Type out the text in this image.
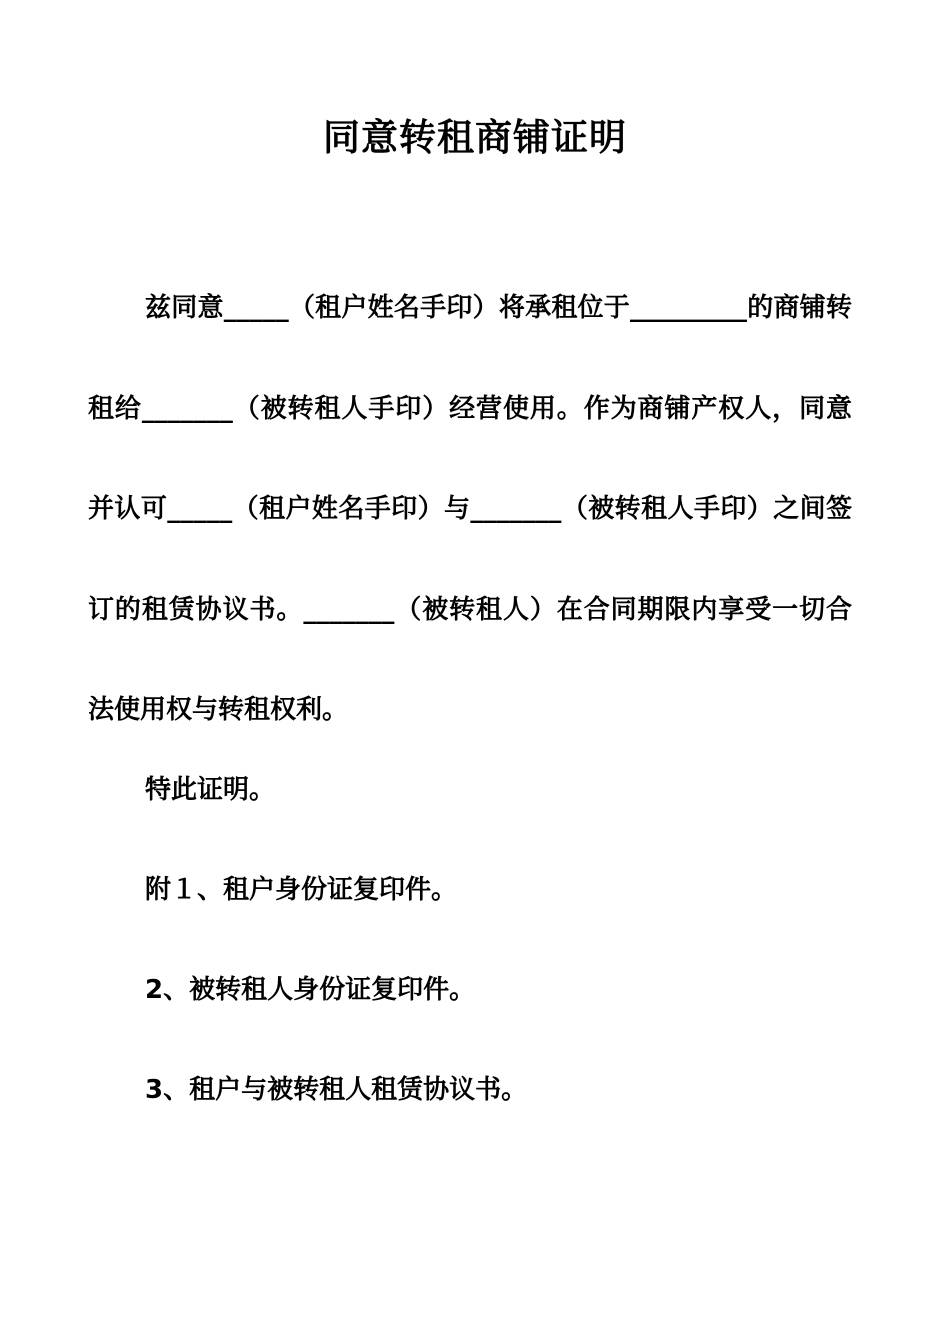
同意转租商铺证明

兹同意_____（租户姓名手印）将承租位于_________的商铺转租给_______（被转租人手印）经营使用。作为商铺产权人，同意并认可_____（租户姓名手印）与_______（被转租人手印）之间签订的租赁协议书。_______（被转租人）在合同期限内享受一切合法使用权与转租权利。

特此证明。

附１、租户身份证复印件。

2、被转租人身份证复印件。

3、租户与被转租人租赁协议书。
